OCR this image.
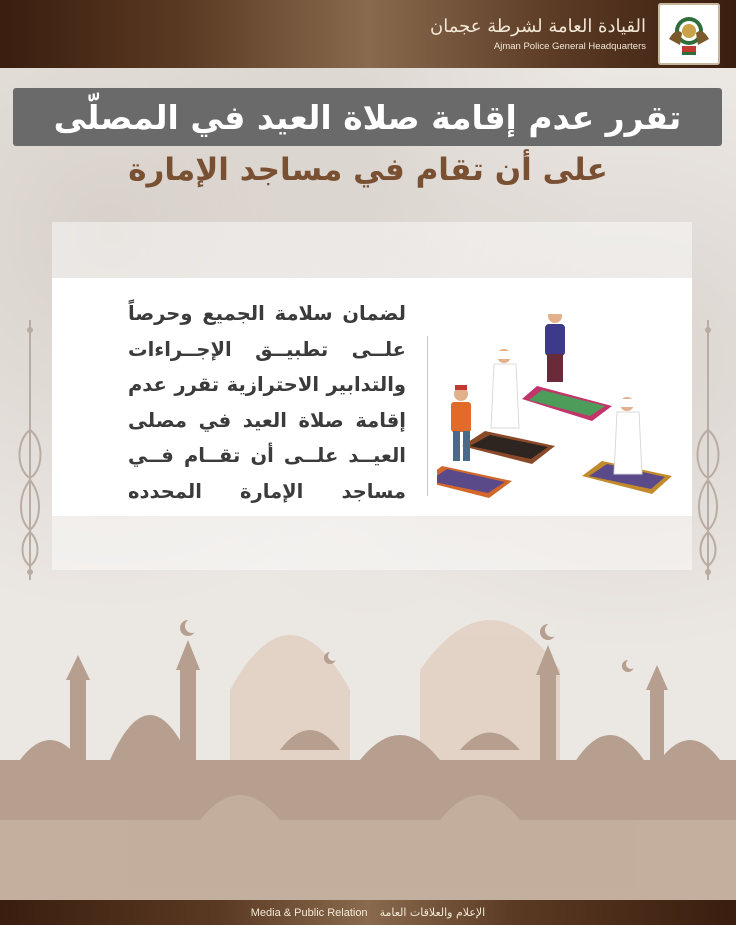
القيادة العامة لشرطة عجمان
Ajman Police General Headquarters
تقرر عدم إقامة صلاة العيد في المصلّى
على أن تقام في مساجد الإمارة
لضمان سلامة الجميع وحرصاً
علــى تطبيــق الإجــراءات
والتدابير الاحترازية تقرر عدم
إقامة صلاة العيد في مصلى
العيــد علــى أن تقــام فــي
مساجد الإمارة المحدده
Media & Public Relation الإعلام والعلاقات العامة
